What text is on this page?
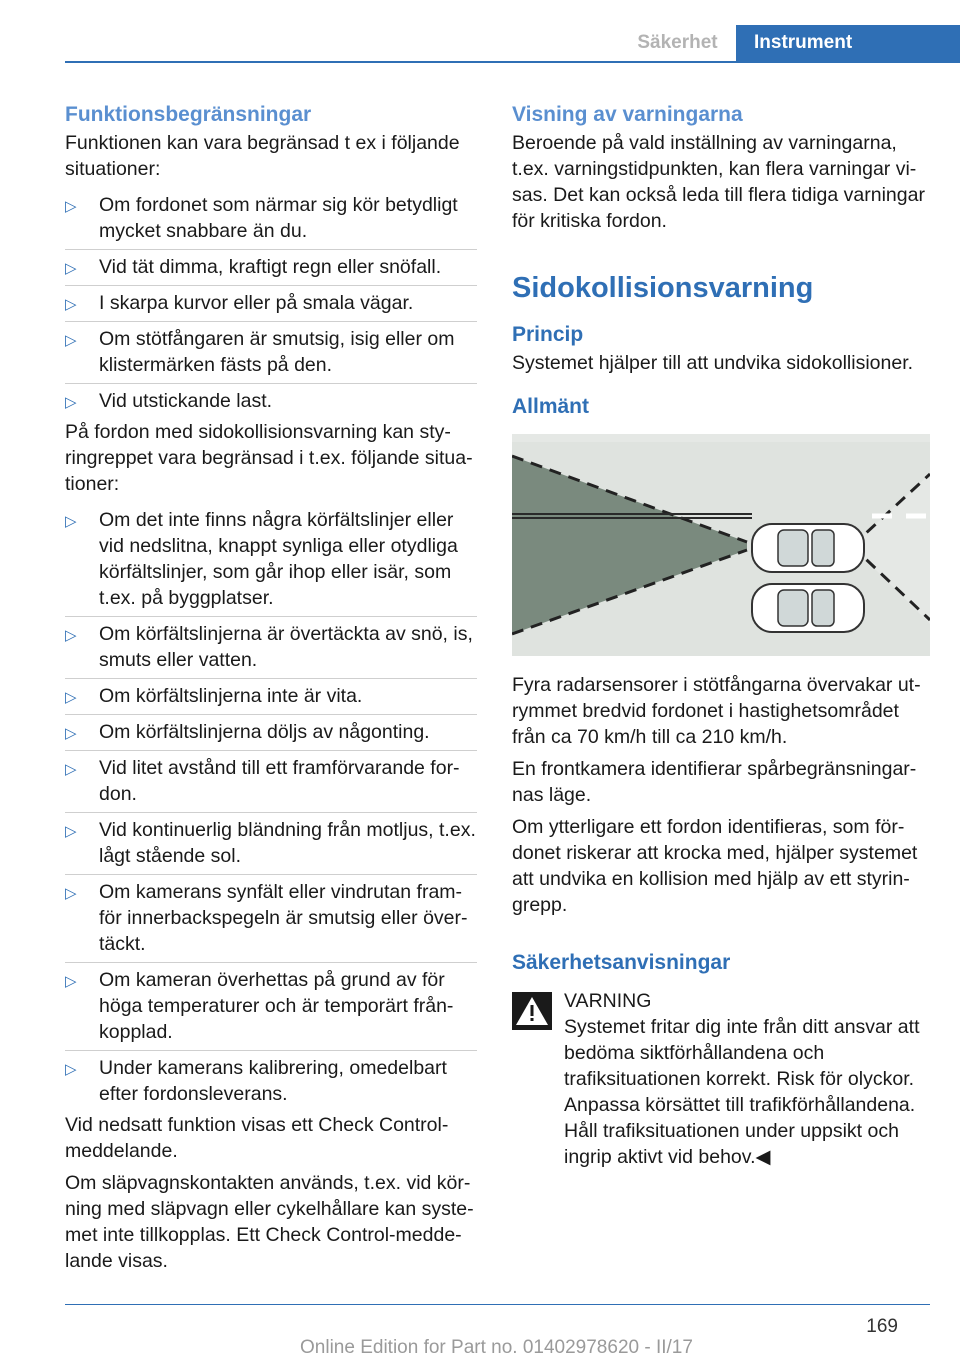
Säkerhet	Instrument
Funktionsbegränsningar

Funktionen kan vara begränsad t ex i följande situationer:

▷ Om fordonet som närmar sig kör betydligt mycket snabbare än du.
▷ Vid tät dimma, kraftigt regn eller snöfall.
▷ I skarpa kurvor eller på smala vägar.
▷ Om stötfångaren är smutsig, isig eller om klistermärken fästs på den.
▷ Vid utstickande last.

På fordon med sidokollisionsvarning kan sty-ringreppet vara begränsad i t.ex. följande situa-tioner:

▷ Om det inte finns några körfältslinjer eller vid nedslitna, knappt synliga eller otydliga körfältslinjer, som går ihop eller isär, som t.ex. på byggplatser.
▷ Om körfältslinjerna är övertäckta av snö, is, smuts eller vatten.
▷ Om körfältslinjerna inte är vita.
▷ Om körfältslinjerna döljs av någonting.
▷ Vid litet avstånd till ett framförvarande for-don.
▷ Vid kontinuerlig bländning från motljus, t.ex. lågt stående sol.
▷ Om kamerans synfält eller vindrutan fram-för innerbackspegeln är smutsig eller över-täckt.
▷ Om kameran överhettas på grund av för höga temperaturer och är temporärt från-kopplad.
▷ Under kamerans kalibrering, omedelbart efter fordonsleverans.

Vid nedsatt funktion visas ett Check Control-meddelande.

Om släpvagnskontakten används, t.ex. vid kör-ning med släpvagn eller cykelhållare kan syste-met inte tillkopplas. Ett Check Control-medde-lande visas.

Visning av varningarna

Beroende på vald inställning av varningarna, t.ex. varningstidpunkten, kan flera varningar vi-sas. Det kan också leda till flera tidiga varningar för kritiska fordon.

Sidokollisionsvarning
Princip

Systemet hjälper till att undvika sidokollisioner.

Allmänt

Fyra radarsensorer i stötfångarna övervakar ut-rymmet bredvid fordonet i hastighetsområdet från ca 70 km/h till ca 210 km/h.

En frontkamera identifierar spårbegränsningar-nas läge.

Om ytterligare ett fordon identifieras, som för-donet riskerar att krocka med, hjälper systemet att undvika en kollision med hjälp av ett styrin-grepp.

Säkerhetsanvisningar
VARNING
Systemet fritar dig inte från ditt ansvar att bedöma siktförhållandena och trafiksituationen korrekt. Risk för olyckor. Anpassa körsättet till trafikförhållandena. Håll trafiksituationen under uppsikt och ingrip aktivt vid behov.◀
169
Online Edition for Part no. 01402978620 - II/17
